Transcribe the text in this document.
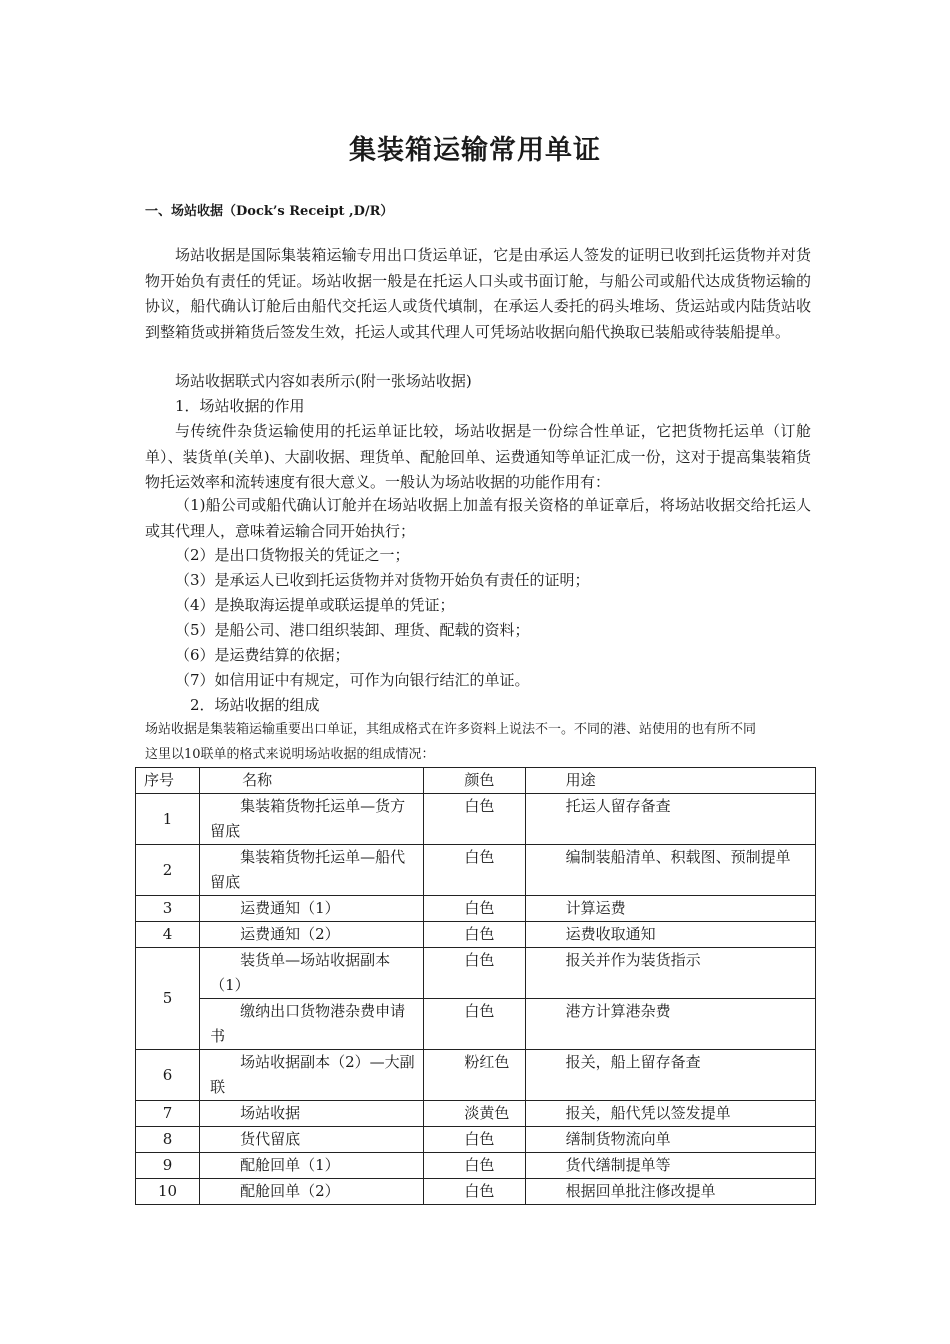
集装箱运输常用单证

一、场站收据（Dock’s Receipt ,D/R）

场站收据是国际集装箱运输专用出口货运单证，它是由承运人签发的证明已收到托运货物并对货物开始负有责任的凭证。场站收据一般是在托运人口头或书面订舱，与船公司或船代达成货物运输的协议，船代确认订舱后由船代交托运人或货代填制，在承运人委托的码头堆场、货运站或内陆货站收到整箱货或拼箱货后签发生效，托运人或其代理人可凭场站收据向船代换取已装船或待装船提单。

场站收据联式内容如表所示(附一张场站收据)

1．场站收据的作用

与传统件杂货运输使用的托运单证比较，场站收据是一份综合性单证，它把货物托运单（订舱单）、装货单(关单)、大副收据、理货单、配舱回单、运费通知等单证汇成一份，这对于提高集装箱货物托运效率和流转速度有很大意义。一般认为场站收据的功能作用有：

（1)船公司或船代确认订舱并在场站收据上加盖有报关资格的单证章后，将场站收据交给托运人或其代理人，意味着运输合同开始执行；

（2）是出口货物报关的凭证之一；

（3）是承运人已收到托运货物并对货物开始负有责任的证明；

（4）是换取海运提单或联运提单的凭证；

（5）是船公司、港口组织装卸、理货、配载的资料；

（6）是运费结算的依据；

（7）如信用证中有规定，可作为向银行结汇的单证。

2．场站收据的组成

场站收据是集装箱运输重要出口单证，其组成格式在许多资料上说法不一。不同的港、站使用的也有所不同

这里以10联单的格式来说明场站收据的组成情况：

序号	名称	颜色	用途
1	集装箱货物托运单—货方留底	白色	托运人留存备查
2	集装箱货物托运单—船代留底	白色	编制装船清单、积载图、预制提单
3	运费通知（1）	白色	计算运费
4	运费通知（2）	白色	运费收取通知
5	装货单—场站收据副本（1）	白色	报关并作为装货指示
	缴纳出口货物港杂费申请书	白色	港方计算港杂费
6	场站收据副本（2）—大副联	粉红色	报关，船上留存备查
7	场站收据	淡黄色	报关，船代凭以签发提单
8	货代留底	白色	缮制货物流向单
9	配舱回单（1）	白色	货代缮制提单等
10	配舱回单（2）	白色	根据回单批注修改提单
